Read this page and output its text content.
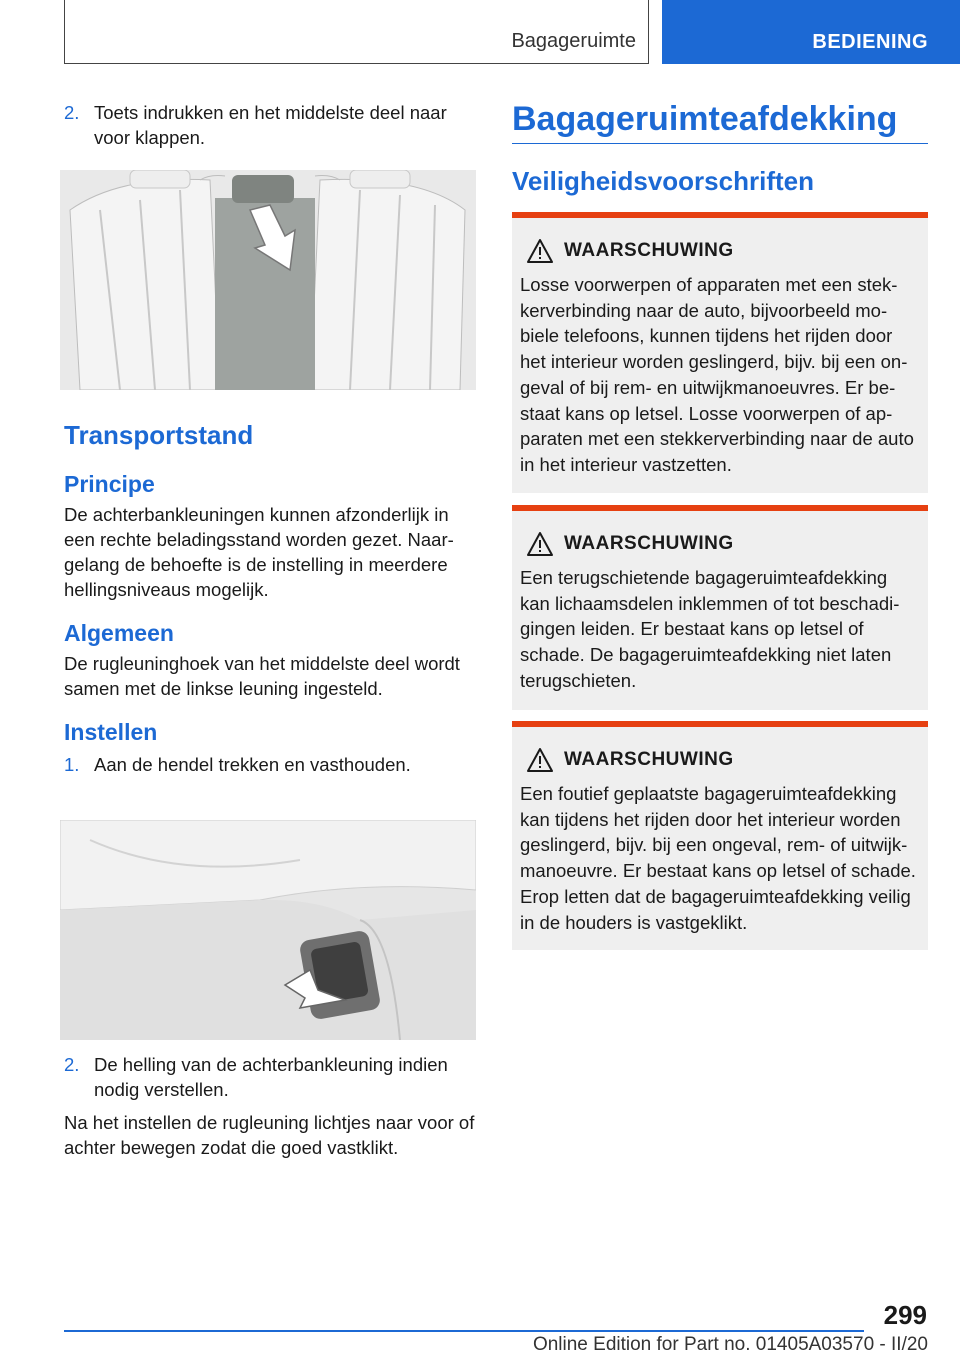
Bagageruimte	BEDIENING
2. Toets indrukken en het middelste deel naar voor klappen.
Transportstand
Principe

De achterbankleuningen kunnen afzonderlijk in een rechte beladingsstand worden gezet. Naargelang de behoefte is de instelling in meerdere hellingsniveaus mogelijk.

Algemeen

De rugleuninghoek van het middelste deel wordt samen met de linkse leuning ingesteld.

Instellen
1. Aan de hendel trekken en vasthouden.
2. De helling van de achterbankleuning indien nodig verstellen.

Na het instellen de rugleuning lichtjes naar voor of achter bewegen zodat die goed vastklikt.

Bagageruimteafdekking
Veiligheidsvoorschriften
WAARSCHUWING

Losse voorwerpen of apparaten met een stekkerverbinding naar de auto, bijvoorbeeld mobiele telefoons, kunnen tijdens het rijden door het interieur worden geslingerd, bijv. bij een ongeval of bij rem- en uitwijkmanoeuvres. Er bestaat kans op letsel. Losse voorwerpen of apparaten met een stekkerverbinding naar de auto in het interieur vastzetten.

WAARSCHUWING

Een terugschietende bagageruimteafdekking kan lichaamsdelen inklemmen of tot beschadigingen leiden. Er bestaat kans op letsel of schade. De bagageruimteafdekking niet laten terugschieten.

WAARSCHUWING

Een foutief geplaatste bagageruimteafdekking kan tijdens het rijden door het interieur worden geslingerd, bijv. bij een ongeval, rem- of uitwijkmanoeuvre. Er bestaat kans op letsel of schade. Erop letten dat de bagageruimteafdekking veilig in de houders is vastgeklikt.

299
Online Edition for Part no. 01405A03570 - II/20
